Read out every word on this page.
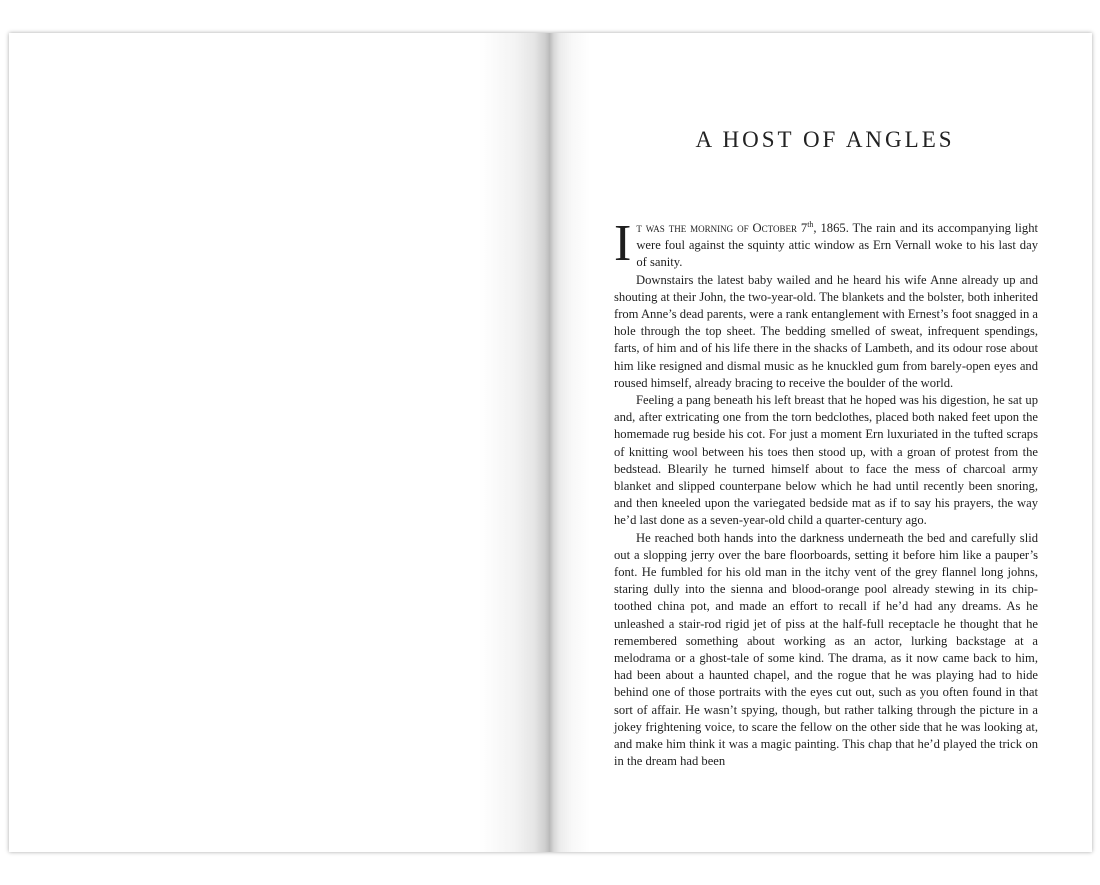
A HOST OF ANGLES

It was the morning of October 7th, 1865. The rain and its accompanying light were foul against the squinty attic window as Ern Vernall woke to his last day of sanity.

Downstairs the latest baby wailed and he heard his wife Anne already up and shouting at their John, the two-year-old. The blankets and the bolster, both inherited from Anne’s dead parents, were a rank entanglement with Ernest’s foot snagged in a hole through the top sheet. The bedding smelled of sweat, infrequent spendings, farts, of him and of his life there in the shacks of Lambeth, and its odour rose about him like resigned and dismal music as he knuckled gum from barely-open eyes and roused himself, already bracing to receive the boulder of the world.

Feeling a pang beneath his left breast that he hoped was his digestion, he sat up and, after extricating one from the torn bedclothes, placed both naked feet upon the homemade rug beside his cot. For just a moment Ern luxuriated in the tufted scraps of knitting wool between his toes then stood up, with a groan of protest from the bedstead. Blearily he turned himself about to face the mess of charcoal army blanket and slipped counterpane below which he had until recently been snoring, and then kneeled upon the variegated bedside mat as if to say his prayers, the way he’d last done as a seven-year-old child a quarter-century ago.

He reached both hands into the darkness underneath the bed and carefully slid out a slopping jerry over the bare floorboards, setting it before him like a pauper’s font. He fumbled for his old man in the itchy vent of the grey flannel long johns, staring dully into the sienna and blood-orange pool already stewing in its chip-toothed china pot, and made an effort to recall if he’d had any dreams. As he unleashed a stair-rod rigid jet of piss at the half-full receptacle he thought that he remembered something about working as an actor, lurking backstage at a melodrama or a ghost-tale of some kind. The drama, as it now came back to him, had been about a haunted chapel, and the rogue that he was playing had to hide behind one of those portraits with the eyes cut out, such as you often found in that sort of affair. He wasn’t spying, though, but rather talking through the picture in a jokey frightening voice, to scare the fellow on the other side that he was looking at, and make him think it was a magic painting. This chap that he’d played the trick on in the dream had been
